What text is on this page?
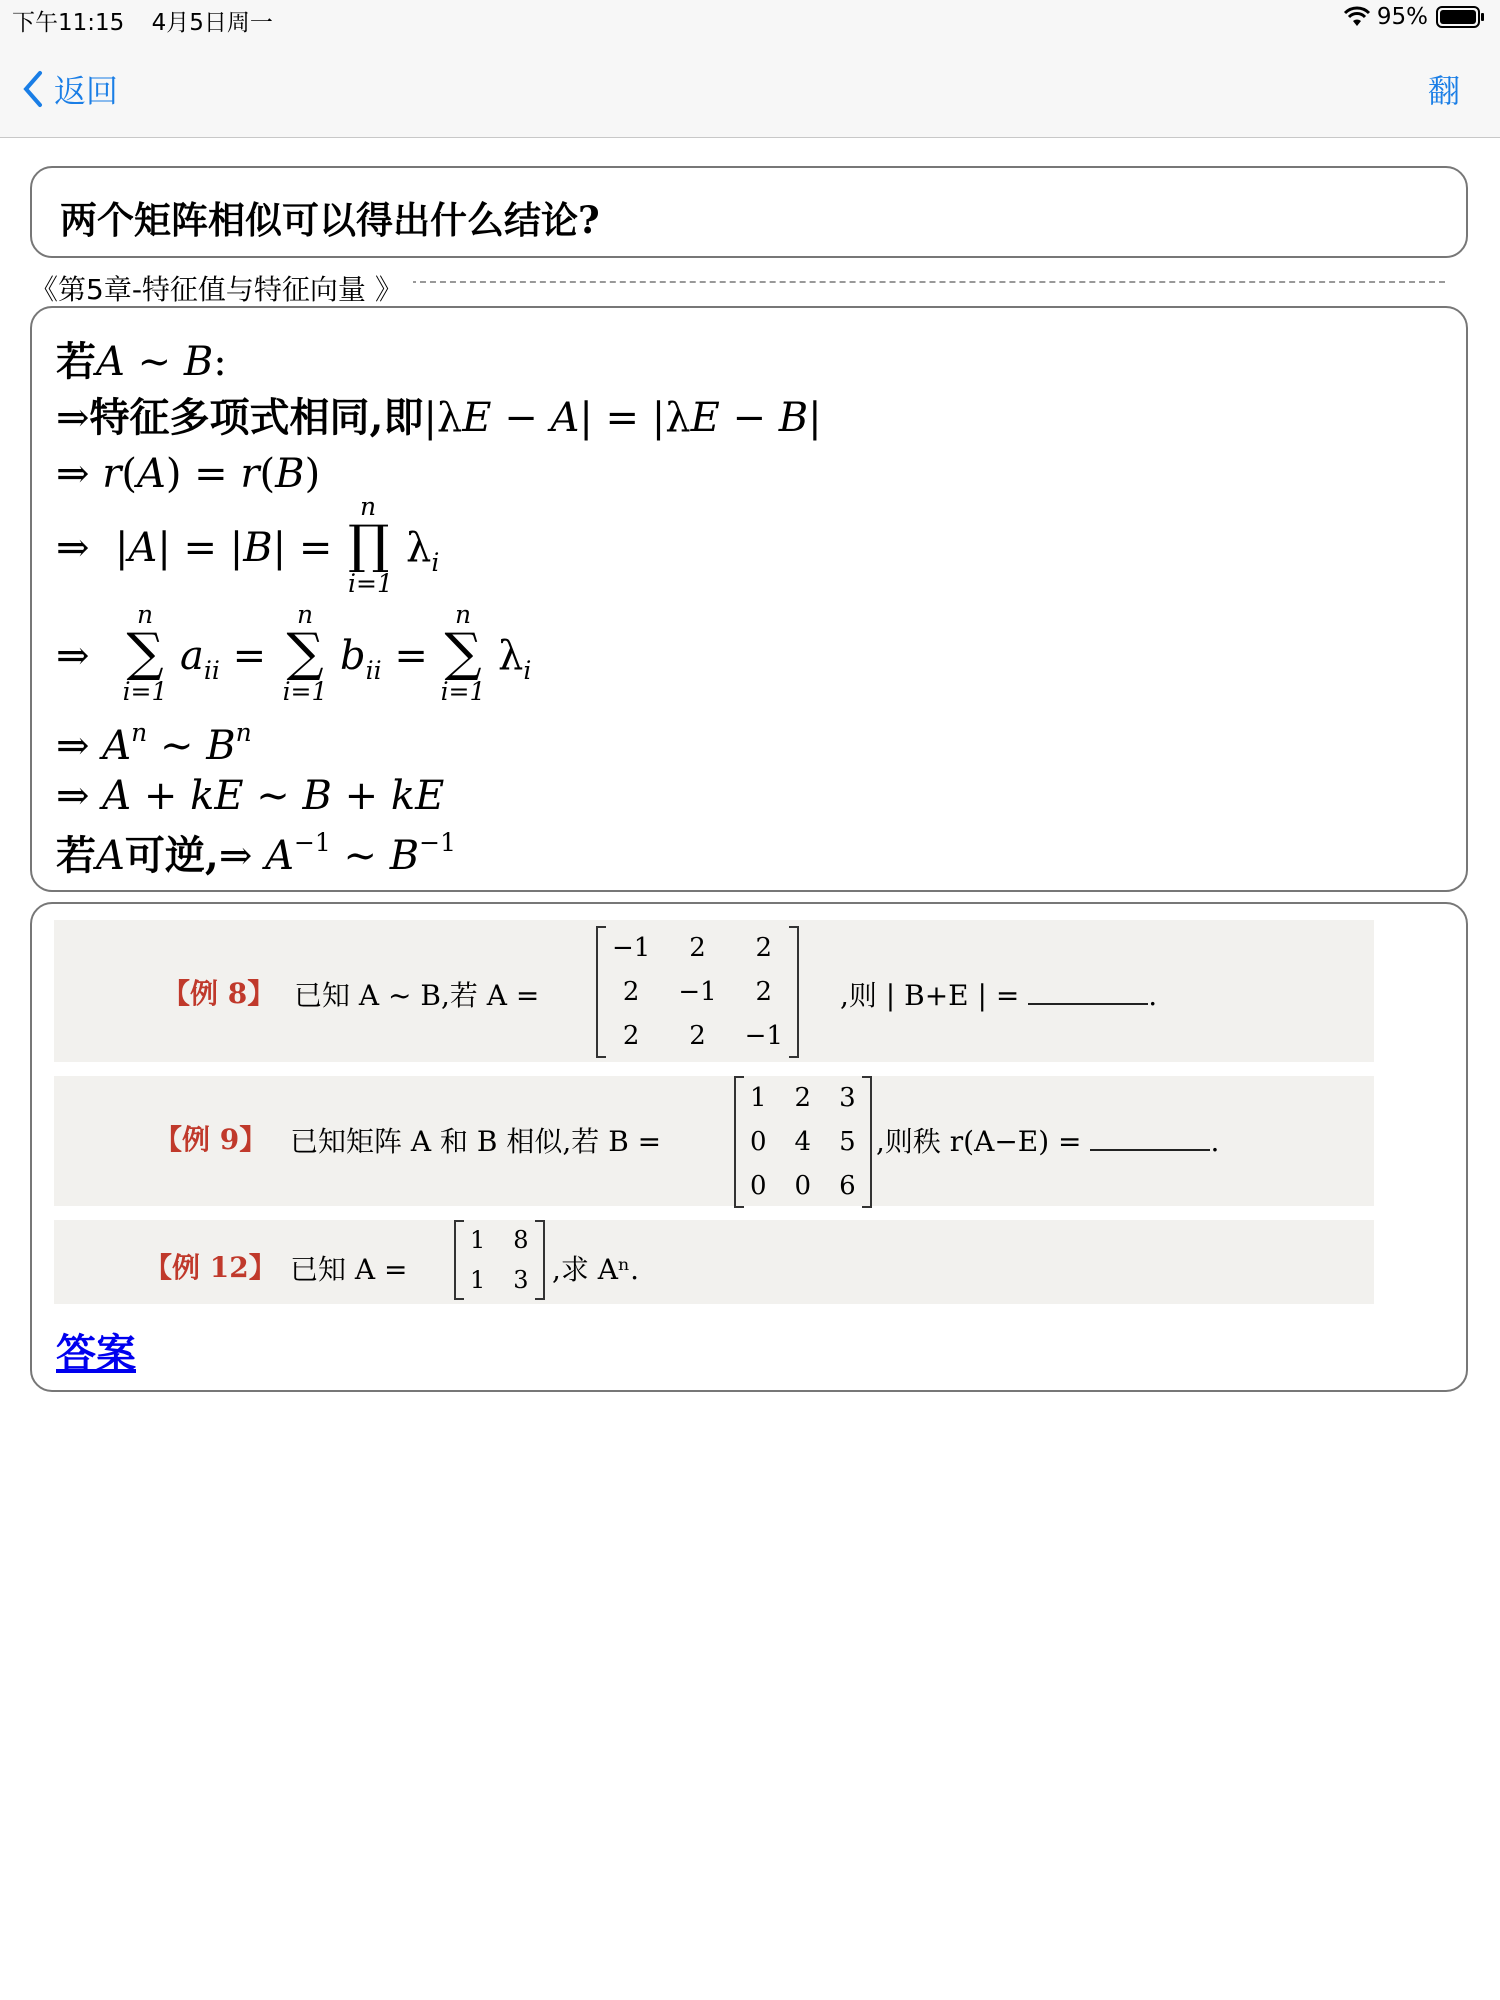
下午11:15 4月5日周一	95%
返回	翻
两个矩阵相似可以得出什么结论?
《第5章-特征值与特征向量 》
若A ∼ B:
⇒特征多项式相同,即|λE − A| = |λE − B|
⇒ r(A) = r(B)
⇒  |A| = |B| =
n
∏
i=1
$\lambda_i$
⇒
n
∑
i=1
$a_{ii}$ =
n
∑
i=1
$b_{ii}$ =
n
∑
i=1
$\lambda_i$
⇒ $A^n$ ∼ $B^n$
⇒ A + kE ∼ B + kE
若A可逆,⇒ $A^{-1}$ ∼ $B^{-1}$
【例 8】 已知 A ~ B,若 A =
−1	2	2
2	−1	2
2	2	−1
,则 | B+E | =	.
【例 9】 已知矩阵 A 和 B 相似,若 B =
1	2	3
0	4	5
0	0	6
,则秩 r(A−E) =	.
【例 12】 已知 A =
1	8
1	3 ,求 Aⁿ.
答案
